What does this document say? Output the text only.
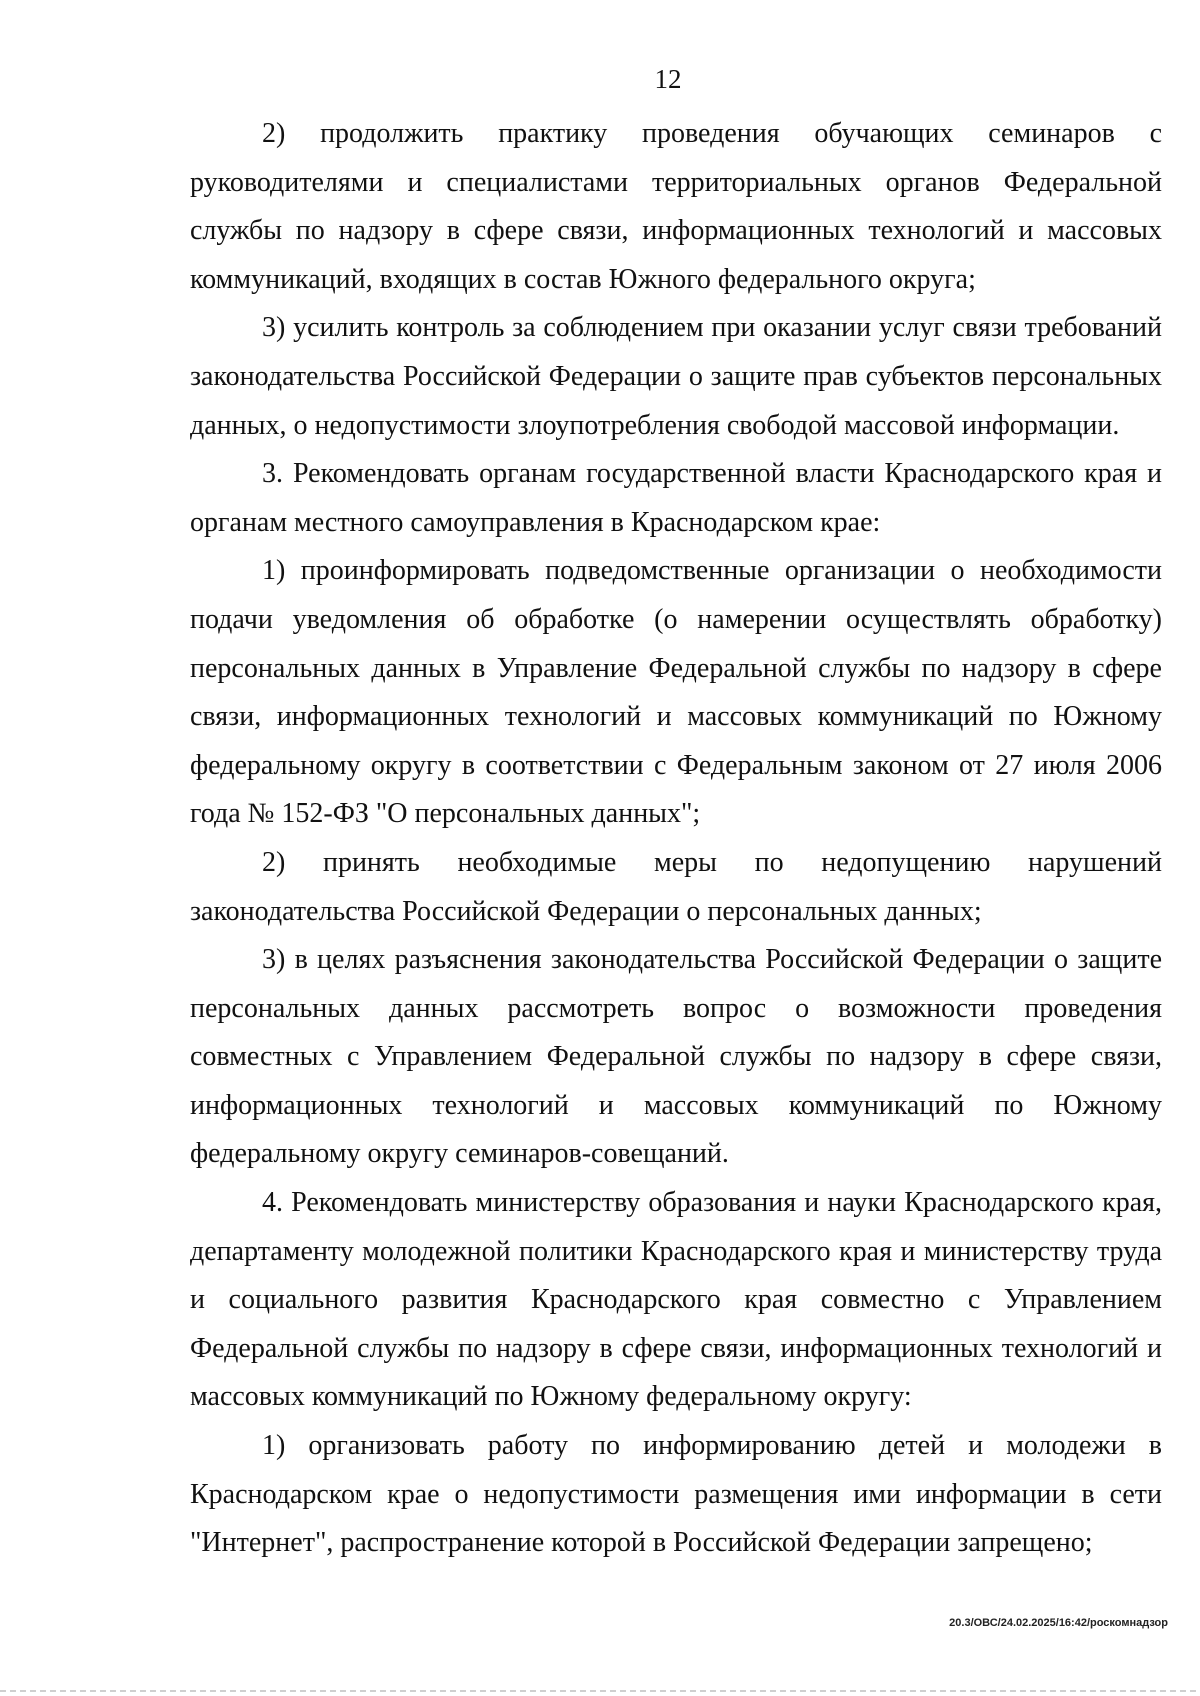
12

2) продолжить практику проведения обучающих семинаров с руководителями и специалистами территориальных органов Федеральной службы по надзору в сфере связи, информационных технологий и массовых коммуникаций, входящих в состав Южного федерального округа;

3) усилить контроль за соблюдением при оказании услуг связи требований законодательства Российской Федерации о защите прав субъектов персональных данных, о недопустимости злоупотребления свободой массовой информации.

3. Рекомендовать органам государственной власти Краснодарского края и органам местного самоуправления в Краснодарском крае:

1) проинформировать подведомственные организации о необходимости подачи уведомления об обработке (о намерении осуществлять обработку) персональных данных в Управление Федеральной службы по надзору в сфере связи, информационных технологий и массовых коммуникаций по Южному федеральному округу в соответствии с Федеральным законом от 27 июля 2006 года № 152-ФЗ "О персональных данных";

2) принять необходимые меры по недопущению нарушений законодательства Российской Федерации о персональных данных;

3) в целях разъяснения законодательства Российской Федерации о защите персональных данных рассмотреть вопрос о возможности проведения совместных с Управлением Федеральной службы по надзору в сфере связи, информационных технологий и массовых коммуникаций по Южному федеральному округу семинаров-совещаний.

4. Рекомендовать министерству образования и науки Краснодарского края, департаменту молодежной политики Краснодарского края и министерству труда и социального развития Краснодарского края совместно с Управлением Федеральной службы по надзору в сфере связи, информационных технологий и массовых коммуникаций по Южному федеральному округу:

1) организовать работу по информированию детей и молодежи в Краснодарском крае о недопустимости размещения ими информации в сети "Интернет", распространение которой в Российской Федерации запрещено;

20.3/ОВС/24.02.2025/16:42/роскомнадзор
